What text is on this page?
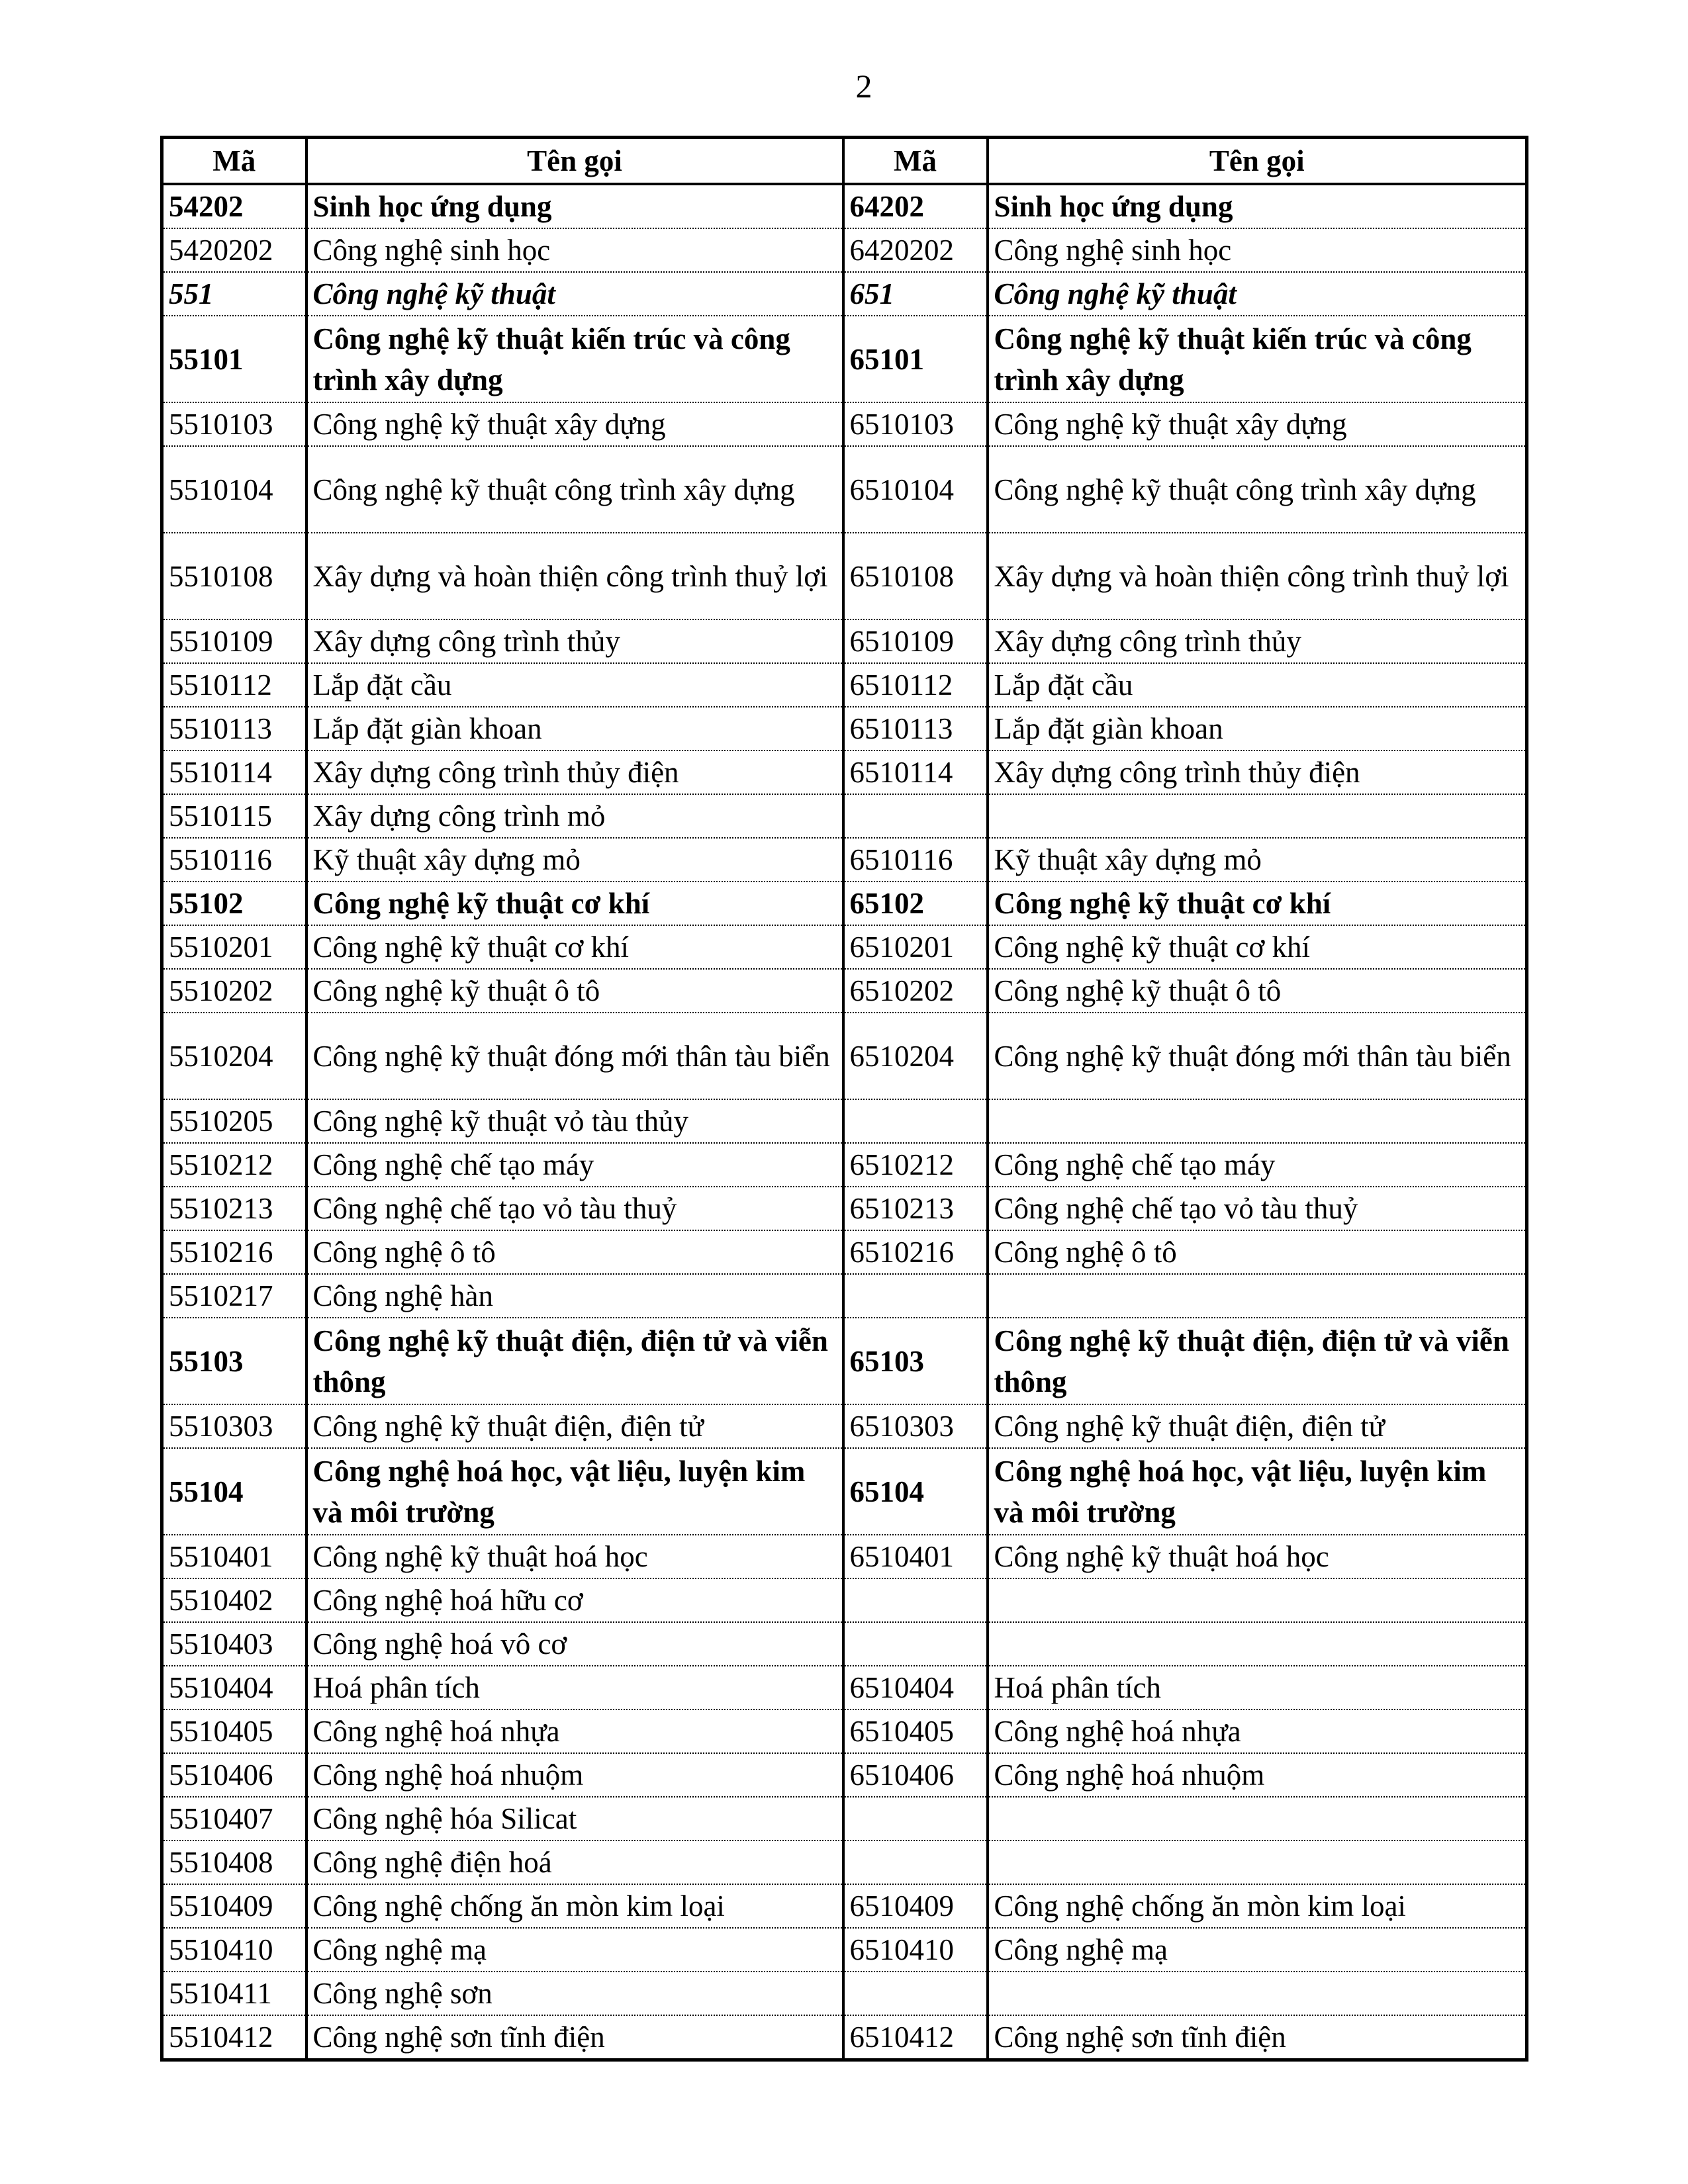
2
Mã	Tên gọi	Mã	Tên gọi
54202	Sinh học ứng dụng	64202	Sinh học ứng dụng
5420202	Công nghệ sinh học	6420202	Công nghệ sinh học
551	Công nghệ kỹ thuật	651	Công nghệ kỹ thuật
55101	Công nghệ kỹ thuật kiến trúc và công trình xây dựng	65101	Công nghệ kỹ thuật kiến trúc và công trình xây dựng
5510103	Công nghệ kỹ thuật xây dựng	6510103	Công nghệ kỹ thuật xây dựng
5510104	Công nghệ kỹ thuật công trình xây dựng	6510104	Công nghệ kỹ thuật công trình xây dựng
5510108	Xây dựng và hoàn thiện công trình thuỷ lợi	6510108	Xây dựng và hoàn thiện công trình thuỷ lợi
5510109	Xây dựng công trình thủy	6510109	Xây dựng công trình thủy
5510112	Lắp đặt cầu	6510112	Lắp đặt cầu
5510113	Lắp đặt giàn khoan	6510113	Lắp đặt giàn khoan
5510114	Xây dựng công trình thủy điện	6510114	Xây dựng công trình thủy điện
5510115	Xây dựng công trình mỏ		
5510116	Kỹ thuật xây dựng mỏ	6510116	Kỹ thuật xây dựng mỏ
55102	Công nghệ kỹ thuật cơ khí	65102	Công nghệ kỹ thuật cơ khí
5510201	Công nghệ kỹ thuật cơ khí	6510201	Công nghệ kỹ thuật cơ khí
5510202	Công nghệ kỹ thuật ô tô	6510202	Công nghệ kỹ thuật ô tô
5510204	Công nghệ kỹ thuật đóng mới thân tàu biển	6510204	Công nghệ kỹ thuật đóng mới thân tàu biển
5510205	Công nghệ kỹ thuật vỏ tàu thủy		
5510212	Công nghệ chế tạo máy	6510212	Công nghệ chế tạo máy
5510213	Công nghệ chế tạo vỏ tàu thuỷ	6510213	Công nghệ chế tạo vỏ tàu thuỷ
5510216	Công nghệ ô tô	6510216	Công nghệ ô tô
5510217	Công nghệ hàn		
55103	Công nghệ kỹ thuật điện, điện tử và viễn thông	65103	Công nghệ kỹ thuật điện, điện tử và viễn thông
5510303	Công nghệ kỹ thuật điện, điện tử	6510303	Công nghệ kỹ thuật điện, điện tử
55104	Công nghệ hoá học, vật liệu, luyện kim và môi trường	65104	Công nghệ hoá học, vật liệu, luyện kim và môi trường
5510401	Công nghệ kỹ thuật hoá học	6510401	Công nghệ kỹ thuật hoá học
5510402	Công nghệ hoá hữu cơ		
5510403	Công nghệ hoá vô cơ		
5510404	Hoá phân tích	6510404	Hoá phân tích
5510405	Công nghệ hoá nhựa	6510405	Công nghệ hoá nhựa
5510406	Công nghệ hoá nhuộm	6510406	Công nghệ hoá nhuộm
5510407	Công nghệ hóa Silicat		
5510408	Công nghệ điện hoá		
5510409	Công nghệ chống ăn mòn kim loại	6510409	Công nghệ chống ăn mòn kim loại
5510410	Công nghệ mạ	6510410	Công nghệ mạ
5510411	Công nghệ sơn		
5510412	Công nghệ sơn tĩnh điện	6510412	Công nghệ sơn tĩnh điện
